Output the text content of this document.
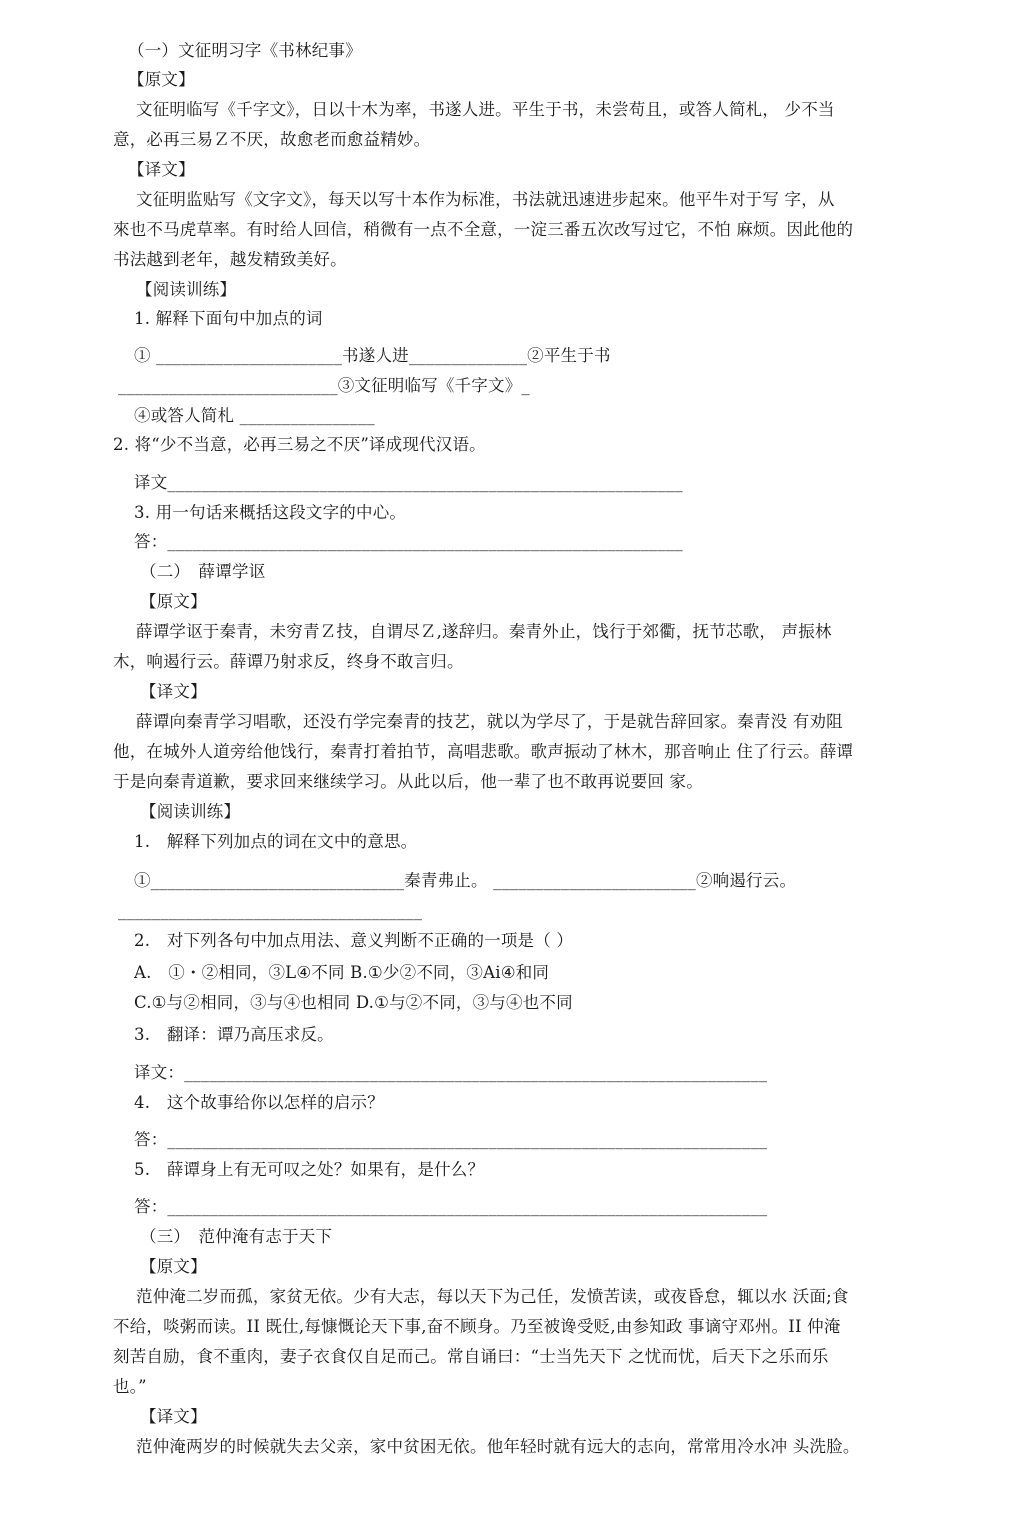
（一）文征明习字《书林纪事》
【原文】
文征明临写《千字文》，日以十木为率，书遂人进。平生于书，未尝苟且，或答人简札， 少不当
意，必再三易Ｚ不厌，故愈老而愈益精妙。
【译文】
文征明监贴写《文字文》，每天以写十本作为标准，书法就迅速进步起來。他平牛对于写 字，从
來也不马虎草率。有时给人回信，稍微有一点不全意，一淀三番五次改写过它，不怕 麻烦。因此他的
书法越到老年，越发精致美好。
【阅读训练】
1. 解释下面句中加点的词
① ______________________书遂人进______________②平生于书
__________________________③文征明临写《千字文》_
④或答人简札 ________________
2. 将“少不当意，必再三易之不厌”译成现代汉语。
译文_____________________________________________________________
3. 用一句话来概括这段文字的中心。
答：_____________________________________________________________
（二）　薛谭学讴
【原文】
薛谭学讴于秦青，未穷青Ｚ技，自谓尽Ｚ,遂辞归。秦青外止，饯行于郊衢，抚节芯歌， 声振林
木，响遏行云。薛谭乃射求反，终身不敢言归。
【译文】
薛谭向秦青学习唱歌，还没冇学完秦青的技艺，就以为学尽了，于是就告辞回家。秦青没 有劝阻
他，在城外人道旁给他饯行，秦青打着拍节，高唱悲歌。歌声振动了林木，那音响止 住了行云。薛谭
于是向秦青道歉，要求回来继续学习。从此以后，他一辈了也不敢再说要回 家。
【阅读训练】
1.　解释下列加点的词在文中的意思。
①______________________________秦青弗止。 ________________________②响遏行云。
____________________________________
2.　对下列各句中加点用法、意义判断不正确的一项是（ ）
A.　①・②相同，③L④不同 B.①少②不同，③Ai④和同
C.①与②相同，③与④也相同 D.①与②不同，③与④也不同
3.　翻译：谭乃高压求反。
译文：_____________________________________________________________________
4.　这个故事给你以怎样的启示？
答：_______________________________________________________________________
5.　薛谭身上有无可叹之处？如果有，是什么？
答：_______________________________________________________________________
（三）　范仲淹有志于天下
【原文】
范仲淹二岁而孤，家贫无依。少有大志，每以天下为己任，发愤苦读，或夜昏怠，辄以水 沃面;食
不给，啖粥而读。II 既仕,每慷慨论天下事,奋不顾身。乃至被谗受贬,由参知政 事谪守邓州。II 仲淹
刻苦自励，食不重肉，妻子衣食仅自足而己。常自诵曰：“士当先天下 之忧而忧，后天下之乐而乐
也。”
【译文】
范仲淹两岁的时候就失去父亲，家中贫困无依。他年轻时就有远大的志向，常常用冷水冲 头洗脸。
